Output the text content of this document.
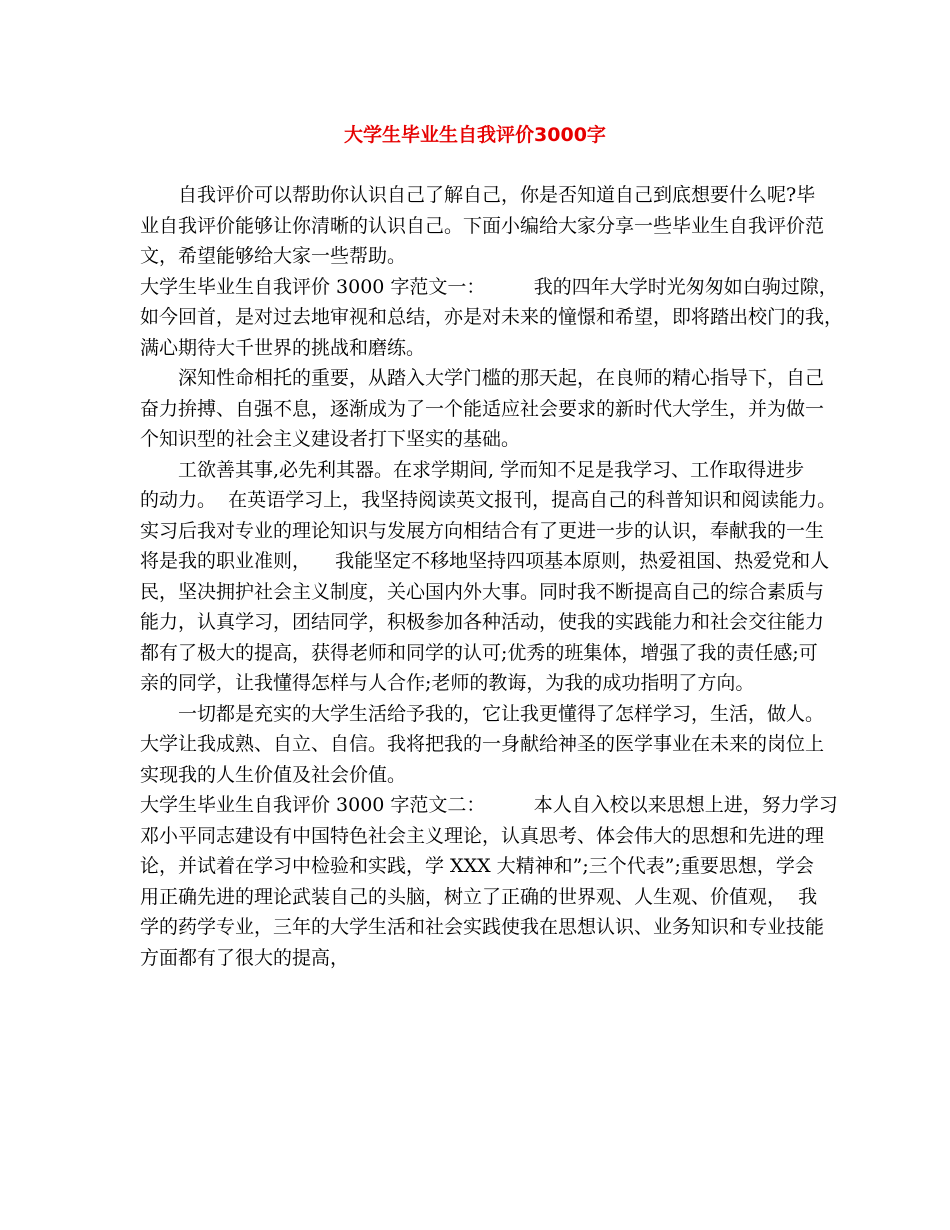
大学生毕业生自我评价3000字
自我评价可以帮助你认识自己了解自己，你是否知道自己到底想要什么呢?毕
业自我评价能够让你清晰的认识自己。下面小编给大家分享一些毕业生自我评价范
文，希望能够给大家一些帮助。
大学生毕业生自我评价 3000 字范文一：        我的四年大学时光匆匆如白驹过隙，
如今回首，是对过去地审视和总结，亦是对未来的憧憬和希望，即将踏出校门的我，
满心期待大千世界的挑战和磨练。
深知性命相托的重要，从踏入大学门槛的那天起，在良师的精心指导下，自己
奋力拚搏、自强不息，逐渐成为了一个能适应社会要求的新时代大学生，并为做一
个知识型的社会主义建设者打下坚实的基础。
工欲善其事,必先利其器。在求学期间, 学而知不足是我学习、工作取得进步
的动力。  在英语学习上，我坚持阅读英文报刊，提高自己的科普知识和阅读能力。
实习后我对专业的理论知识与发展方向相结合有了更进一步的认识，奉献我的一生
将是我的职业准则，    我能坚定不移地坚持四项基本原则，热爱祖国、热爱党和人
民，坚决拥护社会主义制度，关心国内外大事。同时我不断提高自己的综合素质与
能力，认真学习，团结同学，积极参加各种活动，使我的实践能力和社会交往能力
都有了极大的提高，获得老师和同学的认可;优秀的班集体，增强了我的责任感;可
亲的同学，让我懂得怎样与人合作;老师的教诲，为我的成功指明了方向。
一切都是充实的大学生活给予我的，它让我更懂得了怎样学习，生活，做人。
大学让我成熟、自立、自信。我将把我的一身献给神圣的医学事业在未来的岗位上
实现我的人生价值及社会价值。
大学生毕业生自我评价 3000 字范文二：        本人自入校以来思想上进，努力学习
邓小平同志建设有中国特色社会主义理论，认真思考、体会伟大的思想和先进的理
论，并试着在学习中检验和实践，学 XXX 大精神和”;三个代表”;重要思想，学会
用正确先进的理论武装自己的头脑，树立了正确的世界观、人生观、价值观，  我
学的药学专业，三年的大学生活和社会实践使我在思想认识、业务知识和专业技能
方面都有了很大的提高，
